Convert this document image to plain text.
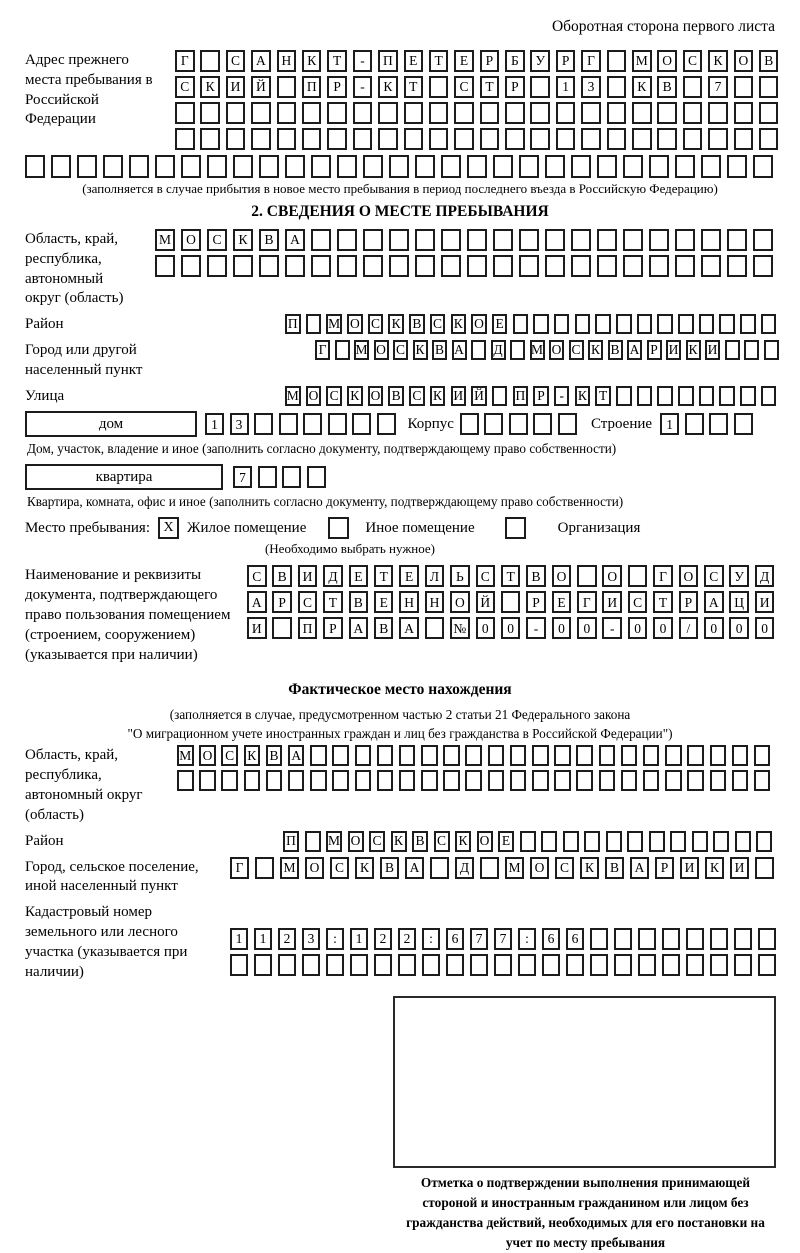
Оборотная сторона первого листа
Адрес прежнего места пребывания в Российской Федерации
Г	С	А	Н	К	Т	-	П	Е	Т	Е	Р	Б	У	Р	Г	М	О	С	К	О	В
С	К	И	Й	П	Р	-	К	Т	С	Т	Р	1	3	К	В	7
(заполняется в случае прибытия в новое место пребывания в период последнего въезда в Российскую Федерацию)
2. СВЕДЕНИЯ О МЕСТЕ ПРЕБЫВАНИЯ
Область, край, республика, автономный округ (область)
М	О	С	К	В	А
Район	П М О С К В С К О Е
Город или другой населенный пункт
Г М О С К В А Д М О С К В А Р И К И
Улица	М О С К О В С К И Й П Р	-	К Т
дом	1	3	Корпус	Строение	1
Дом, участок, владение и иное (заполнить согласно документу, подтверждающему право собственности)
квартира	7
Квартира, комната, офис и иное (заполнить согласно документу, подтверждающему право собственности)
Место пребывания: X Жилое помещение	Иное помещение	Организация
(Необходимо выбрать нужное)
Наименование и реквизиты документа, подтверждающего право пользования помещением (строением, сооружением) (указывается при наличии)
С	В	И	Д	Е	Т	Е	Л	Ь	С	Т	В	О	О	Г	О	С	У	Д
А	Р	С	Т	В	Е	Н	Н	О	Й	Р	Е	Г	И	С	Т	Р	А	Ц	И
И	П	Р	А	В	А	№	0	0	-	0	0	-	0	0	/	0	0	0
Фактическое место нахождения
(заполняется в случае, предусмотренном частью 2 статьи 21 Федерального закона
"О миграционном учете иностранных граждан и лиц без гражданства в Российской Федерации")
Область, край, республика, автономный округ (область)
М О С К В А
Район	П М О С К В С К О Е
Город, сельское поселение, иной населенный пункт
Г	М	О	С	К	В	А	Д	М	О	С	К	В	А	Р	И	К	И
Кадастровый номер земельного или лесного участка (указывается при наличии)
1	1	2	3	:	1	2	2	:	6	7	7	:	6	6
Отметка о подтверждении выполнения принимающей стороной и иностранным гражданином или лицом без гражданства действий, необходимых для его постановки на учет по месту пребывания
